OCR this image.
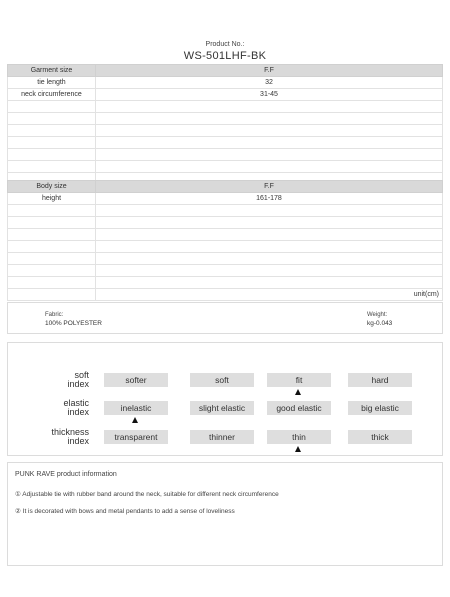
Product No.:
WS-501LHF-BK
Garment size	F.F
tie length	32
neck circumference	31-45

Body size	F.F
height	161-178

	unit(cm)
Fabric:
100% POLYESTER
Weight:
kg-0.043
soft
index	softer	soft	fit	hard
elastic
index	inelastic	slight elastic	good elastic	big elastic
thickness
index	transparent	thinner	thin	thick
PUNK RAVE product information
① Adjustable tie with rubber band around the neck, suitable for different neck circumference
② It is decorated with bows and metal pendants to add a sense of loveliness
